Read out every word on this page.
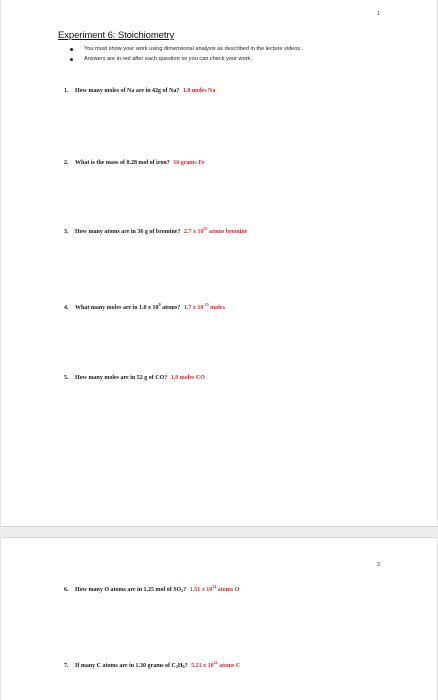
1
Experiment 6: Stoichiometry
You must show your work using dimensional analysis as described in the lecture videos.
Answers are in red after each question so you can check your work.
1. How many moles of Na are in 42g of Na? 1.8 moles Na
2. What is the mass of 0.28 mol of iron? 16 grams Fe
3. How many atoms are in 36 g of bromine? 2.7 x $10^{23}$ atoms bromine
4. What many moles are in 1.0 x $10^9$ atoms? 1.7 x $10^{-15}$ moles
5. How many moles are in 52 g of CO? 1.9 moles CO
2
6. How many O atoms are in 1.25 mol of $SO_2$? 1.51 x $10^{24}$ atoms O
7. If many C atoms are in 1.30 grams of $C_2H_6$? 5.21 x $10^{22}$ atoms C
